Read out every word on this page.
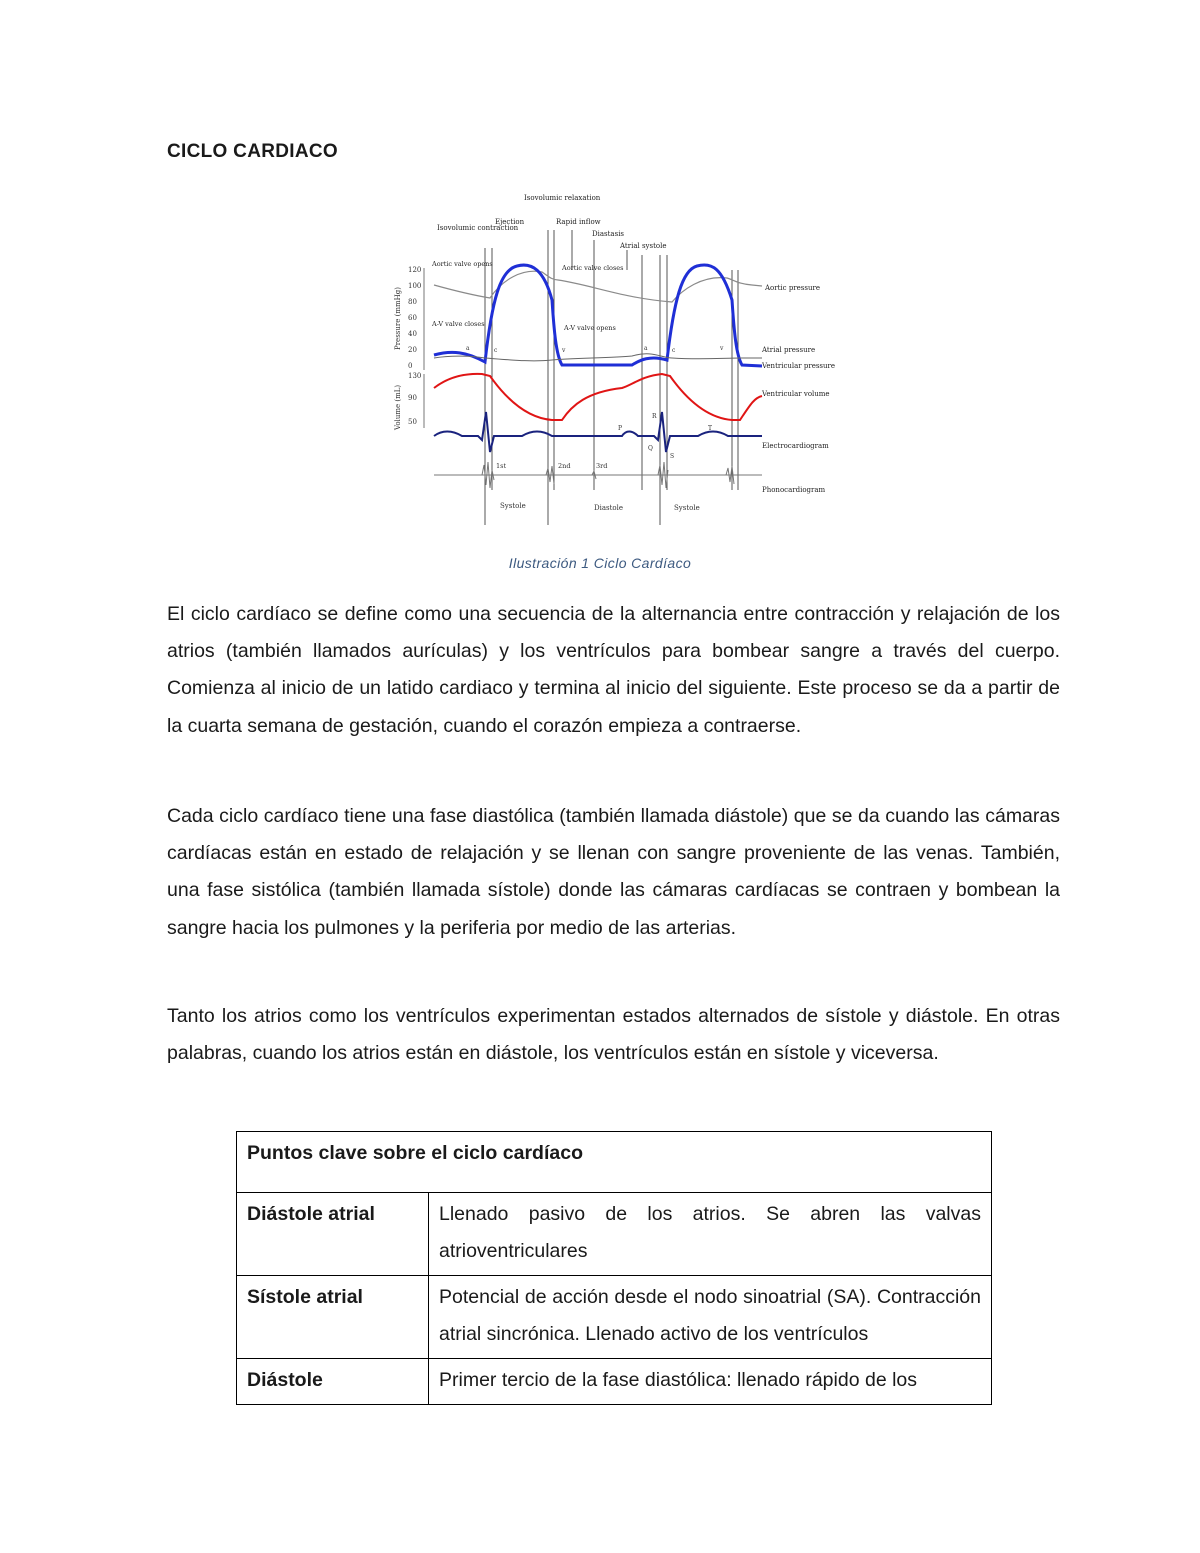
CICLO CARDIACO
Isovolumic contraction
Ejection
Isovolumic relaxation
Rapid inflow
Diastasis
Atrial systole
Pressure (mmHg)
120
100
80
60
40
20
0
Volume (mL)
130
90
50
Aortic valve opens	Aortic valve closes
A-V valve closes	A-V valve opens
Aortic pressure
Atrial pressure
Ventricular pressure
Ventricular volume
Electrocardiogram
Phonocardiogram
a	c	v	a	c	v
P
R
Q
S
T
1st	2nd	3rd
Systole	Diastole	Systole
Ilustración 1 Ciclo Cardíaco

El ciclo cardíaco se define como una secuencia de la alternancia entre contracción y relajación de los atrios (también llamados aurículas) y los ventrículos para bombear sangre a través del cuerpo. Comienza al inicio de un latido cardiaco y termina al inicio del siguiente. Este proceso se da a partir de la cuarta semana de gestación, cuando el corazón empieza a contraerse.

Cada ciclo cardíaco tiene una fase diastólica (también llamada diástole) que se da cuando las cámaras cardíacas están en estado de relajación y se llenan con sangre proveniente de las venas. También, una fase sistólica (también llamada sístole) donde las cámaras cardíacas se contraen y bombean la sangre hacia los pulmones y la periferia por medio de las arterias.

Tanto los atrios como los ventrículos experimentan estados alternados de sístole y diástole. En otras palabras, cuando los atrios están en diástole, los ventrículos están en sístole y viceversa.

Puntos clave sobre el ciclo cardíaco	
Diástole atrial	Llenado pasivo de los atrios. Se abren las valvas atrioventriculares
Sístole atrial	Potencial de acción desde el nodo sinoatrial (SA). Contracción atrial sincrónica. Llenado activo de los ventrículos
Diástole	Primer tercio de la fase diastólica: llenado rápido de los
